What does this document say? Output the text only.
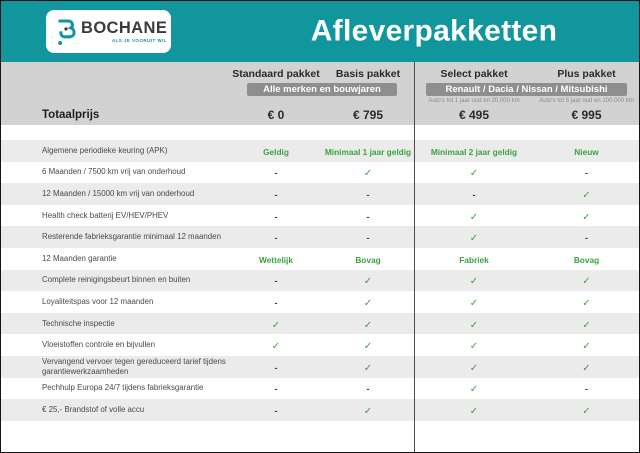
BOCHANE
ALS JE VOORUIT WIL	Afleverpakketten
Standaard pakket	Basis pakket	Select pakket	Plus pakket
Alle merken en bouwjaren	Renault / Dacia / Nissan / Mitsubishi
Auto's tot 1 jaar oud en 20.000 km	Auto's tot 5 jaar oud en 100.000 km
Totaalprijs	€ 0	€ 795	€ 495	€ 995
Algemene periodieke keuring (APK)	Geldig	Minimaal 1 jaar geldig	Minimaal 2 jaar geldig	Nieuw
6 Maanden / 7500 km vrij van onderhoud	-	✓	✓	-
12 Maanden / 15000 km vrij van onderhoud	-	-	-	✓
Health check batterij EV/HEV/PHEV	-	-	✓	✓
Resterende fabrieksgarantie minimaal 12 maanden	-	-	✓	-
12 Maanden garantie	Wettelijk	Bovag	Fabriek	Bovag
Complete reinigingsbeurt binnen en buiten	-	✓	✓	✓
Loyaliteitspas voor 12 maanden	-	✓	✓	✓
Technische inspectie	✓	✓	✓	✓
Vloeistoffen controle en bijvullen	✓	✓	✓	✓
Vervangend vervoer tegen gereduceerd tarief tijdens garantiewerkzaamheden	-	✓	✓	✓
Pechhulp Europa 24/7 tijdens fabrieksgarantie	-	-	✓	-
€ 25,- Brandstof of volle accu	-	✓	✓	✓
